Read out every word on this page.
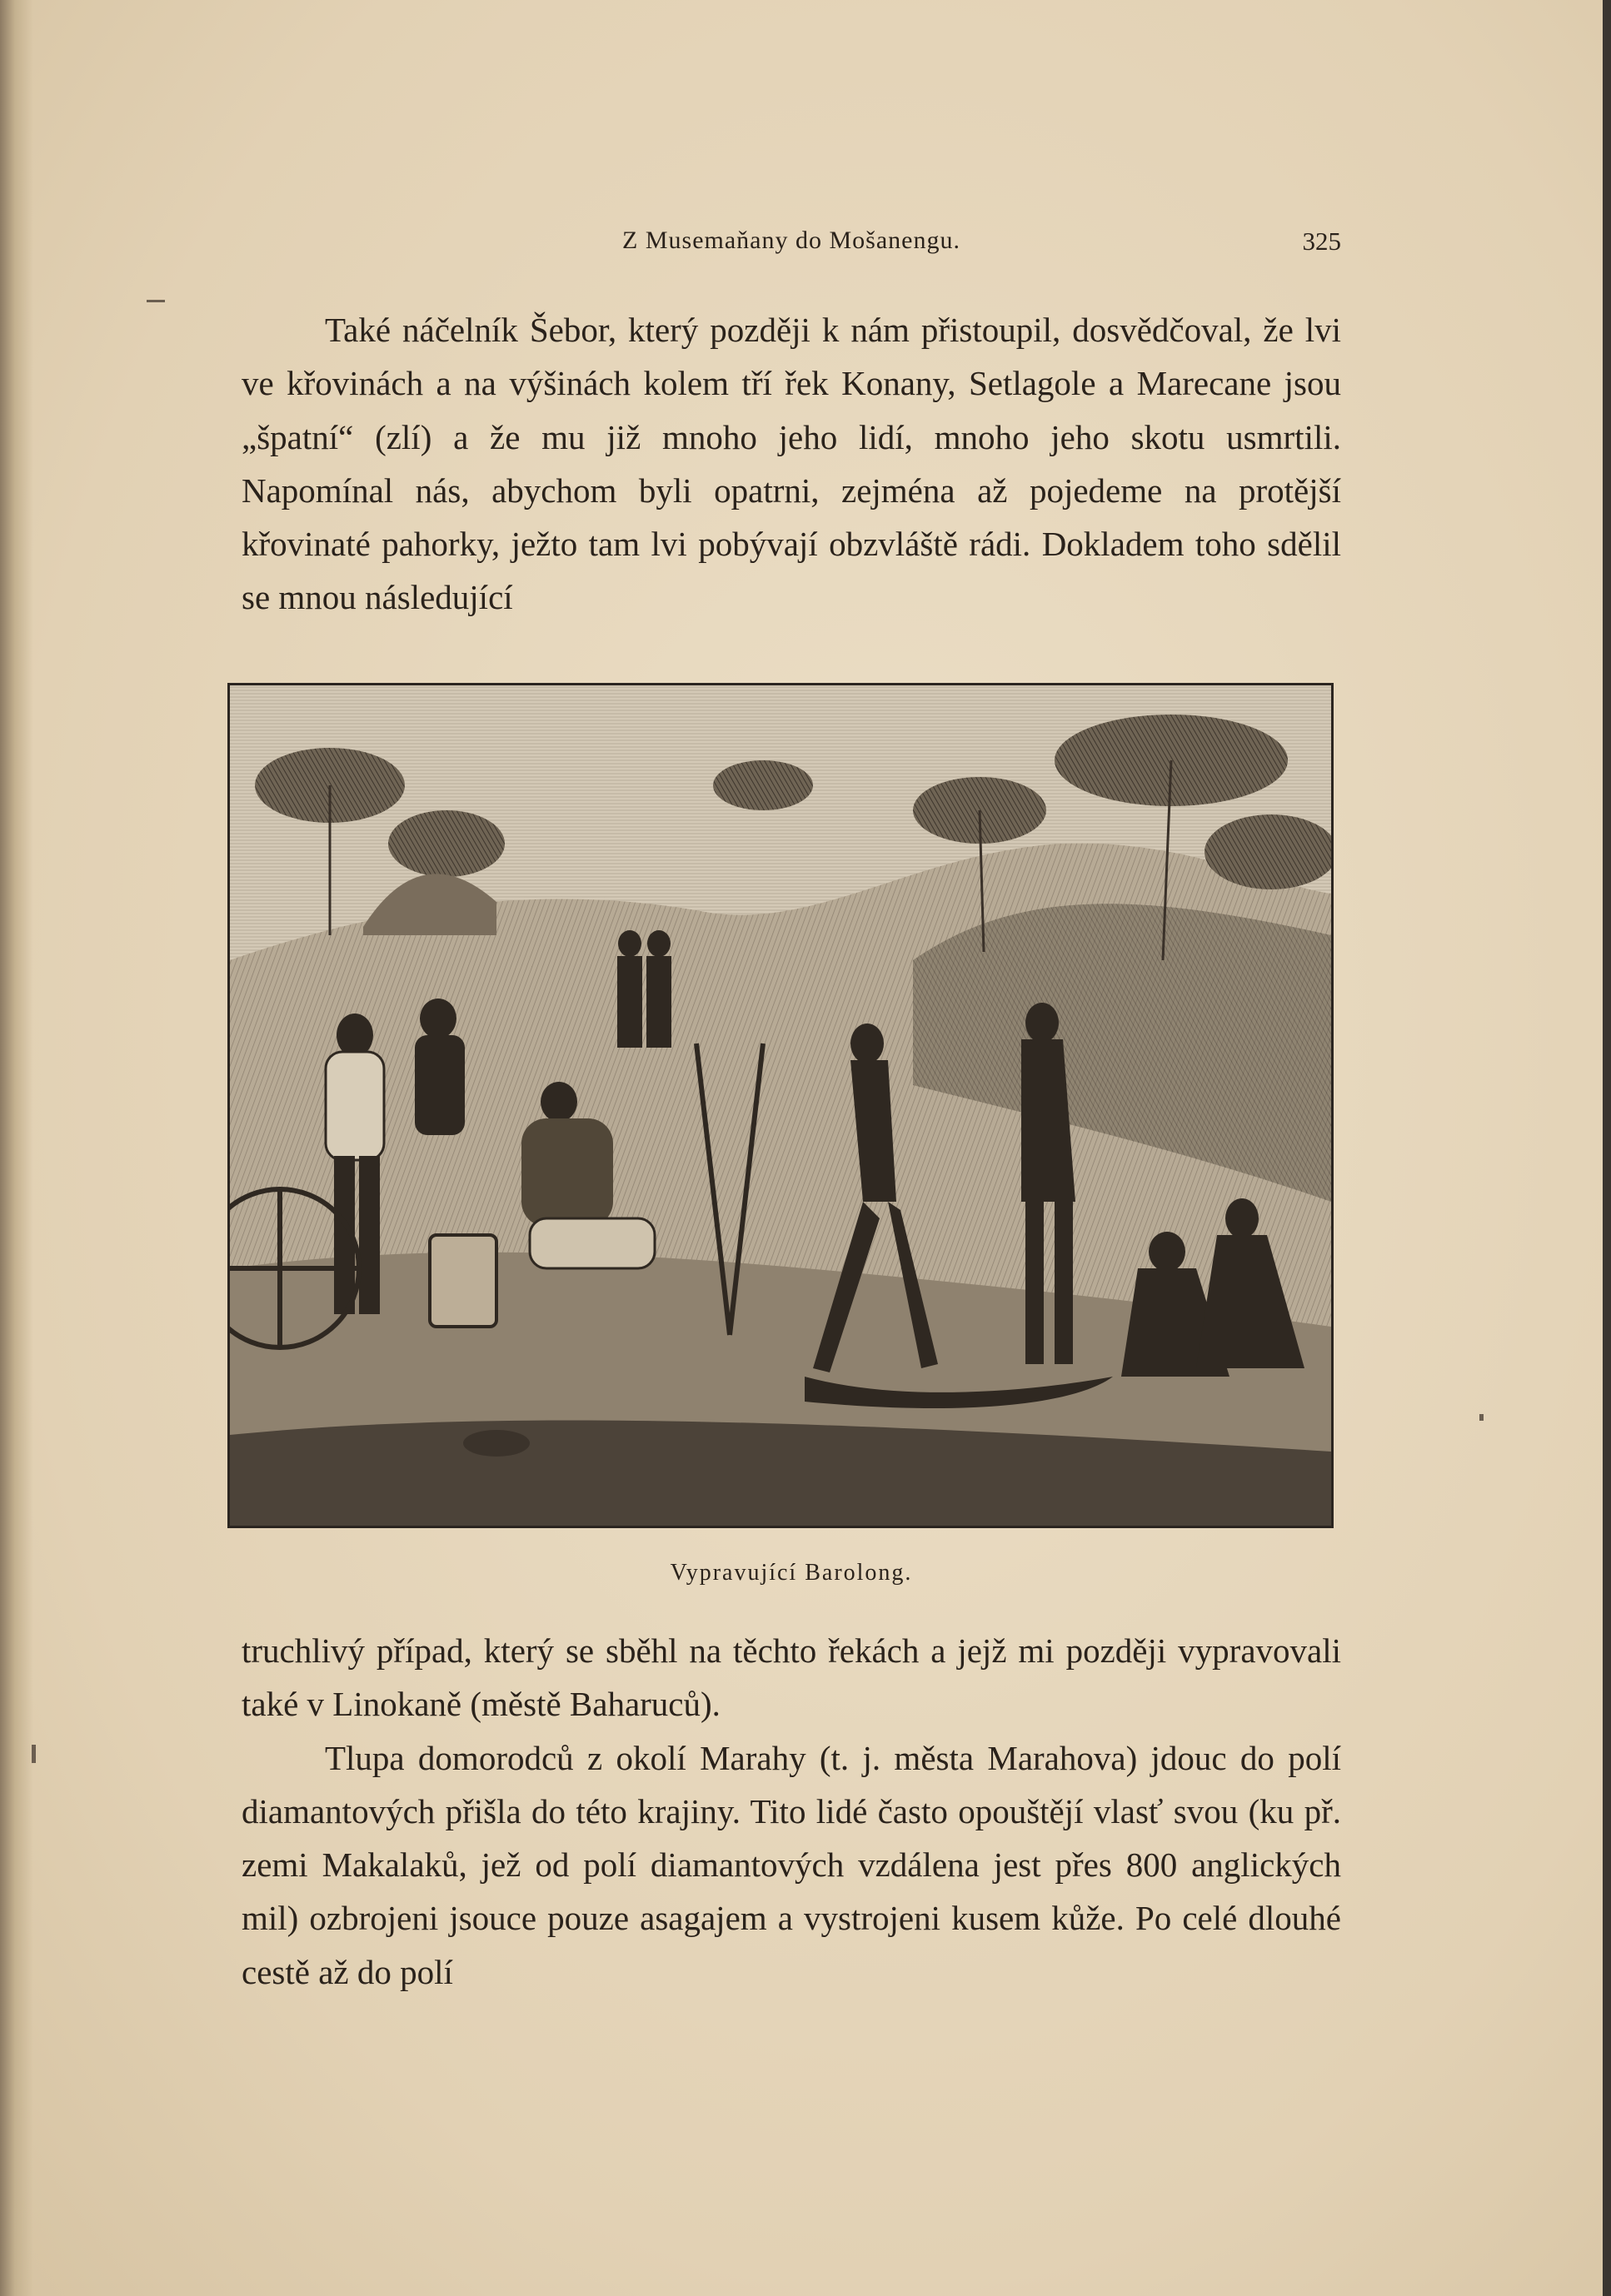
Z Musemaňany do Mošanengu.	325

Také náčelník Šebor, který později k nám přistoupil, dosvědčoval, že lvi ve křovinách a na výšinách kolem tří řek Konany, Setlagole a Marecane jsou „špatní“ (zlí) a že mu již mnoho jeho lidí, mnoho jeho skotu usmrtili. Napomínal nás, abychom byli opatrni, zejména až pojedeme na protější křovinaté pahorky, ježto tam lvi pobývají obzvláště rádi. Dokladem toho sdělil se mnou následující

Vypravující Barolong.

truchlivý případ, který se sběhl na těchto řekách a jejž mi později vypravovali také v Linokaně (městě Baharuců).

Tlupa domorodců z okolí Marahy (t. j. města Marahova) jdouc do polí diamantových přišla do této krajiny. Tito lidé často opouštějí vlasť svou (ku př. zemi Makalaků, jež od polí diamantových vzdálena jest přes 800 anglických mil) ozbrojeni jsouce pouze asagajem a vystrojeni kusem kůže. Po celé dlouhé cestě až do polí
